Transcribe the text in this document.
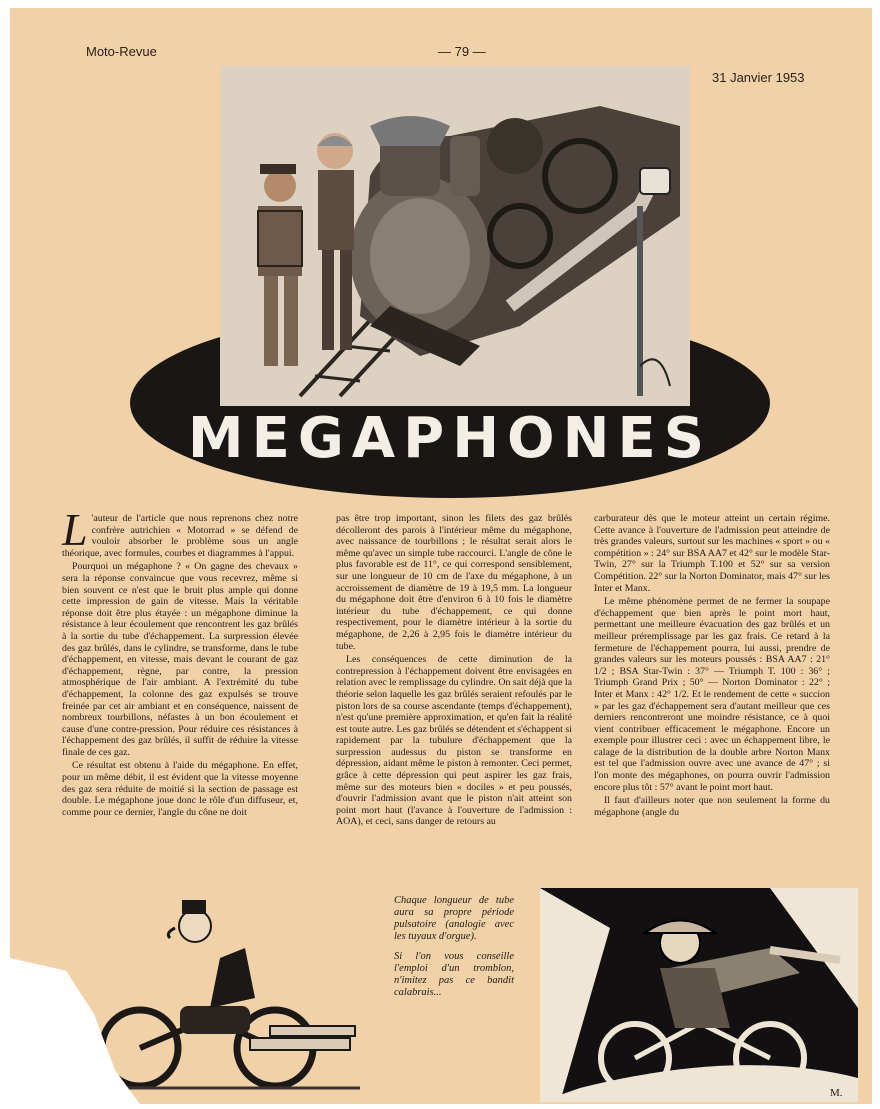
Moto-Revue	— 79 —
31 Janvier 1953
MEGAPHONES
L 'auteur de l'article que nous reprenons chez notre confrère autrichien « Motorrad » se défend de vouloir absorber le problème sous un angle théorique, avec formules, courbes et diagrammes à l'appui.

Pourquoi un mégaphone ? « On gagne des chevaux » sera la réponse convaincue que vous recevrez, même si bien souvent ce n'est que le bruit plus ample qui donne cette impression de gain de vitesse. Mais la véritable réponse doit être plus étayée : un mégaphone diminue la résistance à leur écoulement que rencontrent les gaz brûlés à la sortie du tube d'échappement. La surpression élevée des gaz brûlés, dans le cylindre, se transforme, dans le tube d'échappement, en vitesse, mais devant le courant de gaz d'échappement, règne, par contre, la pression atmosphérique de l'air ambiant. A l'extrémité du tube d'échappement, la colonne des gaz expulsés se trouve freinée par cet air ambiant et en conséquence, naissent de nombreux tourbillons, néfastes à un bon écoulement et cause d'une contre-pression. Pour réduire ces résistances à l'échappement des gaz brûlés, il suffit de réduire la vitesse finale de ces gaz.

Ce résultat est obtenu à l'aide du mégaphone. En effet, pour un même débit, il est évident que la vitesse moyenne des gaz sera réduite de moitié si la section de passage est double. Le mégaphone joue donc le rôle d'un diffuseur, et, comme pour ce dernier, l'angle du cône ne doit

pas être trop important, sinon les filets des gaz brûlés décolleront des parois à l'intérieur même du mégaphone, avec naissance de tourbillons ; le résultat serait alors le même qu'avec un simple tube raccourci. L'angle de cône le plus favorable est de 11°, ce qui correspond sensiblement, sur une longueur de 10 cm de l'axe du mégaphone, à un accroissement de diamètre de 19 à 19,5 mm. La longueur du mégaphone doit être d'environ 6 à 10 fois le diamètre intérieur du tube d'échappement, ce qui donne respectivement, pour le diamètre intérieur à la sortie du mégaphone, de 2,26 à 2,95 fois le diamètre intérieur du tube.

Les conséquences de cette diminution de la contrepression à l'échappement doivent être envisagées en relation avec le remplissage du cylindre. On sait déjà que la théorie selon laquelle les gaz brûlés seraient refoulés par le piston lors de sa course ascendante (temps d'échappement), n'est qu'une première approximation, et qu'en fait la réalité est toute autre. Les gaz brûlés se détendent et s'échappent si rapidement par la tubulure d'échappement que la surpression audessus du piston se transforme en dépression, aidant même le piston à remonter. Ceci permet, grâce à cette dépression qui peut aspirer les gaz frais, même sur des moteurs bien « dociles » et peu poussés, d'ouvrir l'admission avant que le piston n'ait atteint son point mort haut (l'avance à l'ouverture de l'admission : AOA), et ceci, sans danger de retours au

carburateur dès que le moteur atteint un certain régime. Cette avance à l'ouverture de l'admission peut atteindre de très grandes valeurs, surtout sur les machines « sport » ou « compétition » : 24° sur BSA AA7 et 42° sur le modèle Star-Twin, 27° sur la Triumph T.100 et 52° sur sa version Compétition. 22° sur la Norton Dominator, mais 47° sur les Inter et Manx.

Le même phénomène permet de ne fermer la soupape d'échappement que bien après le point mort haut, permettant une meilleure évacuation des gaz brûlés et un meilleur préremplissage par les gaz frais. Ce retard à la fermeture de l'échappement pourra, lui aussi, prendre de grandes valeurs sur les moteurs poussés : BSA AA7 : 21° 1/2 ; BSA Star-Twin : 37° — Triumph T. 100 : 36° ; Triumph Grand Prix ; 50° — Norton Dominator : 22° ; Inter et Manx : 42° 1/2. Et le rendement de cette « succion » par les gaz d'échappement sera d'autant meilleur que ces derniers rencontreront une moindre résistance, ce à quoi vient contribuer efficacement le mégaphone. Encore un exemple pour illustrer ceci : avec un échappement libre, le calage de la distribution de la double arbre Norton Manx est tel que l'admission ouvre avec une avance de 47° ; si l'on monte des mégaphones, on pourra ouvrir l'admission encore plus tôt : 57° avant le point mort haut.

Il faut d'ailleurs noter que non seulement la forme du mégaphone (angle du

Chaque longueur de tube aura sa propre période pulsatoire (analogie avec les tuyaux d'orgue).

Si l'on vous conseille l'emploi d'un tromblon, n'imitez pas ce bandit calabrais...

M.
